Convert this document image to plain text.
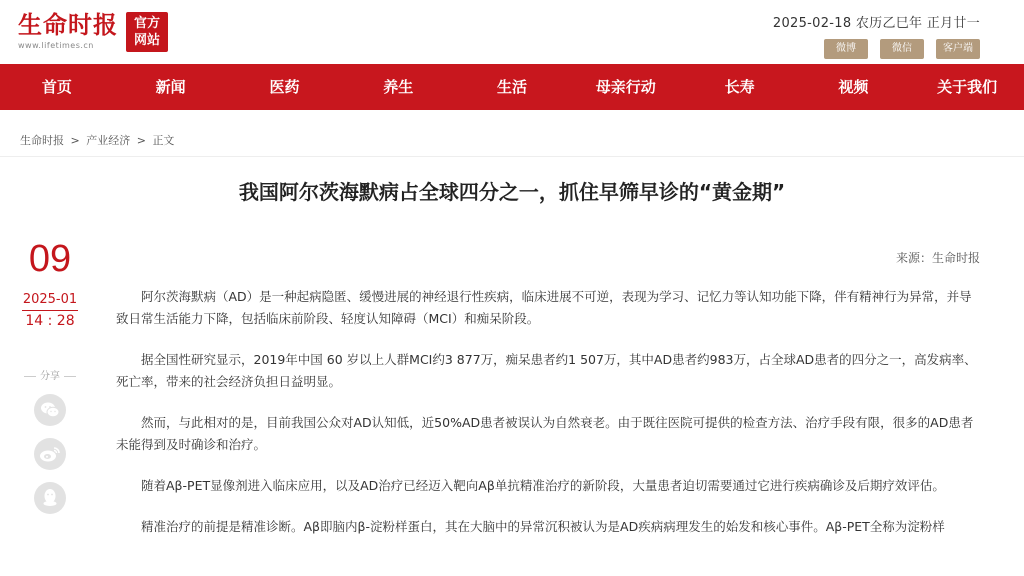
生命时报
www.lifetimes.cn
官方
网站
2025-02-18 农历乙巳年 正月廿一
微博	微信	客户端
首页	新闻	医药	养生	生活	母亲行动	长寿	视频	关于我们
生命时报 > 产业经济 > 正文
我国阿尔茨海默病占全球四分之一，抓住早筛早诊的“黄金期”
09
2025-01
14 : 28
分享
来源：生命时报

阿尔茨海默病（AD）是一种起病隐匿、缓慢进展的神经退行性疾病，临床进展不可逆，表现为学习、记忆力等认知功能下降，伴有精神行为异常，并导致日常生活能力下降，包括临床前阶段、轻度认知障碍（MCI）和痴呆阶段。

据全国性研究显示，2019年中国 60 岁以上人群MCI约3 877万，痴呆患者约1 507万，其中AD患者约983万，占全球AD患者的四分之一，高发病率、死亡率，带来的社会经济负担日益明显。

然而，与此相对的是，目前我国公众对AD认知低，近50%AD患者被误认为自然衰老。由于既往医院可提供的检查方法、治疗手段有限，很多的AD患者未能得到及时确诊和治疗。

随着Aβ-PET显像剂进入临床应用，以及AD治疗已经迈入靶向Aβ单抗精准治疗的新阶段，大量患者迫切需要通过它进行疾病确诊及后期疗效评估。

精准治疗的前提是精准诊断。Aβ即脑内β-淀粉样蛋白，其在大脑中的异常沉积被认为是AD疾病病理发生的始发和核心事件。Aβ-PET全称为淀粉样
